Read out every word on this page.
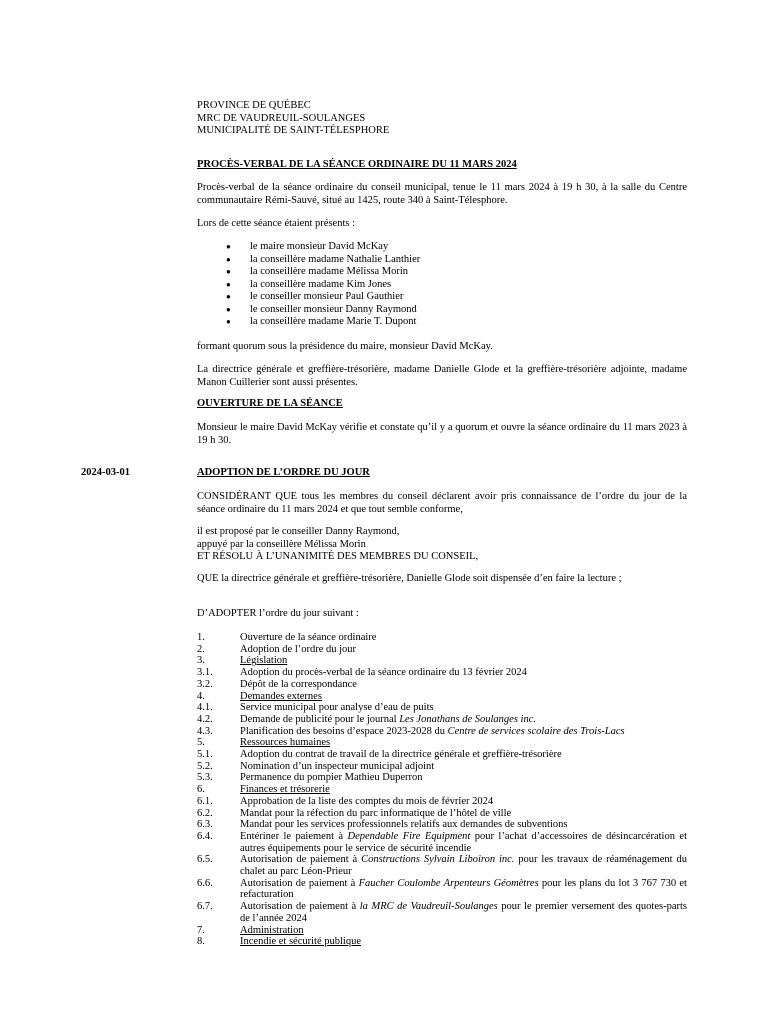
PROVINCE DE QUÉBEC
MRC DE VAUDREUIL-SOULANGES
MUNICIPALITÉ DE SAINT-TÉLESPHORE
PROCÈS-VERBAL DE LA SÉANCE ORDINAIRE DU 11 MARS 2024
Procès-verbal de la séance ordinaire du conseil municipal, tenue le 11 mars 2024 à 19 h 30, à la salle du Centre communautaire Rémi-Sauvé, situé au 1425, route 340 à Saint-Télesphore.
Lors de cette séance étaient présents :
●	le maire monsieur David McKay
●	la conseillère madame Nathalie Lanthier
●	la conseillère madame Mélissa Morin
●	la conseillère madame Kim Jones
●	le conseiller monsieur Paul Gauthier
●	le conseiller monsieur Danny Raymond
●	la conseillère madame Marie T. Dupont
formant quorum sous la présidence du maire, monsieur David McKay.
La directrice générale et greffière-trésorière, madame Danielle Glode et la greffière-trésorière adjointe, madame Manon Cuillerier sont aussi présentes.
OUVERTURE DE LA SÉANCE
Monsieur le maire David McKay vérifie et constate qu’il y a quorum et ouvre la séance ordinaire du 11 mars 2023 à 19 h 30.
2024-03-01	ADOPTION DE L’ORDRE DU JOUR
CONSIDÉRANT QUE tous les membres du conseil déclarent avoir pris connaissance de l’ordre du jour de la séance ordinaire du 11 mars 2024 et que tout semble conforme,
il est proposé par le conseiller Danny Raymond,
appuyé par la conseillère Mélissa Morin
ET RÉSOLU À L’UNANIMITÉ DES MEMBRES DU CONSEIL,
QUE la directrice générale et greffière-trésorière, Danielle Glode soit dispensée d’en faire la lecture ;
D’ADOPTER l’ordre du jour suivant :
1.	Ouverture de la séance ordinaire
2.	Adoption de l’ordre du jour
3.	Législation
3.1.	Adoption du procès-verbal de la séance ordinaire du 13 février 2024
3.2.	Dépôt de la correspondance
4.	Demandes externes
4.1.	Service municipal pour analyse d’eau de puits
4.2.	Demande de publicité pour le journal Les Jonathans de Soulanges inc.
4.3.	Planification des besoins d’espace 2023-2028 du Centre de services scolaire des Trois-Lacs
5.	Ressources humaines
5.1.	Adoption du contrat de travail de la directrice générale et greffière-trésorière
5.2.	Nomination d’un inspecteur municipal adjoint
5.3.	Permanence du pompier Mathieu Duperron
6.	Finances et trésorerie
6.1.	Approbation de la liste des comptes du mois de février 2024
6.2.	Mandat pour la réfection du parc informatique de l’hôtel de ville
6.3.	Mandat pour les services professionnels relatifs aux demandes de subventions
6.4.	Entériner le paiement à Dependable Fire Equipment pour l’achat d’accessoires de désincarcération et autres équipements pour le service de sécurité incendie
6.5.	Autorisation de paiement à Constructions Sylvain Liboiron inc. pour les travaux de réaménagement du chalet au parc Léon-Prieur
6.6.	Autorisation de paiement à Faucher Coulombe Arpenteurs Géomètres pour les plans du lot 3 767 730 et refacturation
6.7.	Autorisation de paiement à la MRC de Vaudreuil-Soulanges pour le premier versement des quotes-parts de l’année 2024
7.	Administration
8.	Incendie et sécurité publique
